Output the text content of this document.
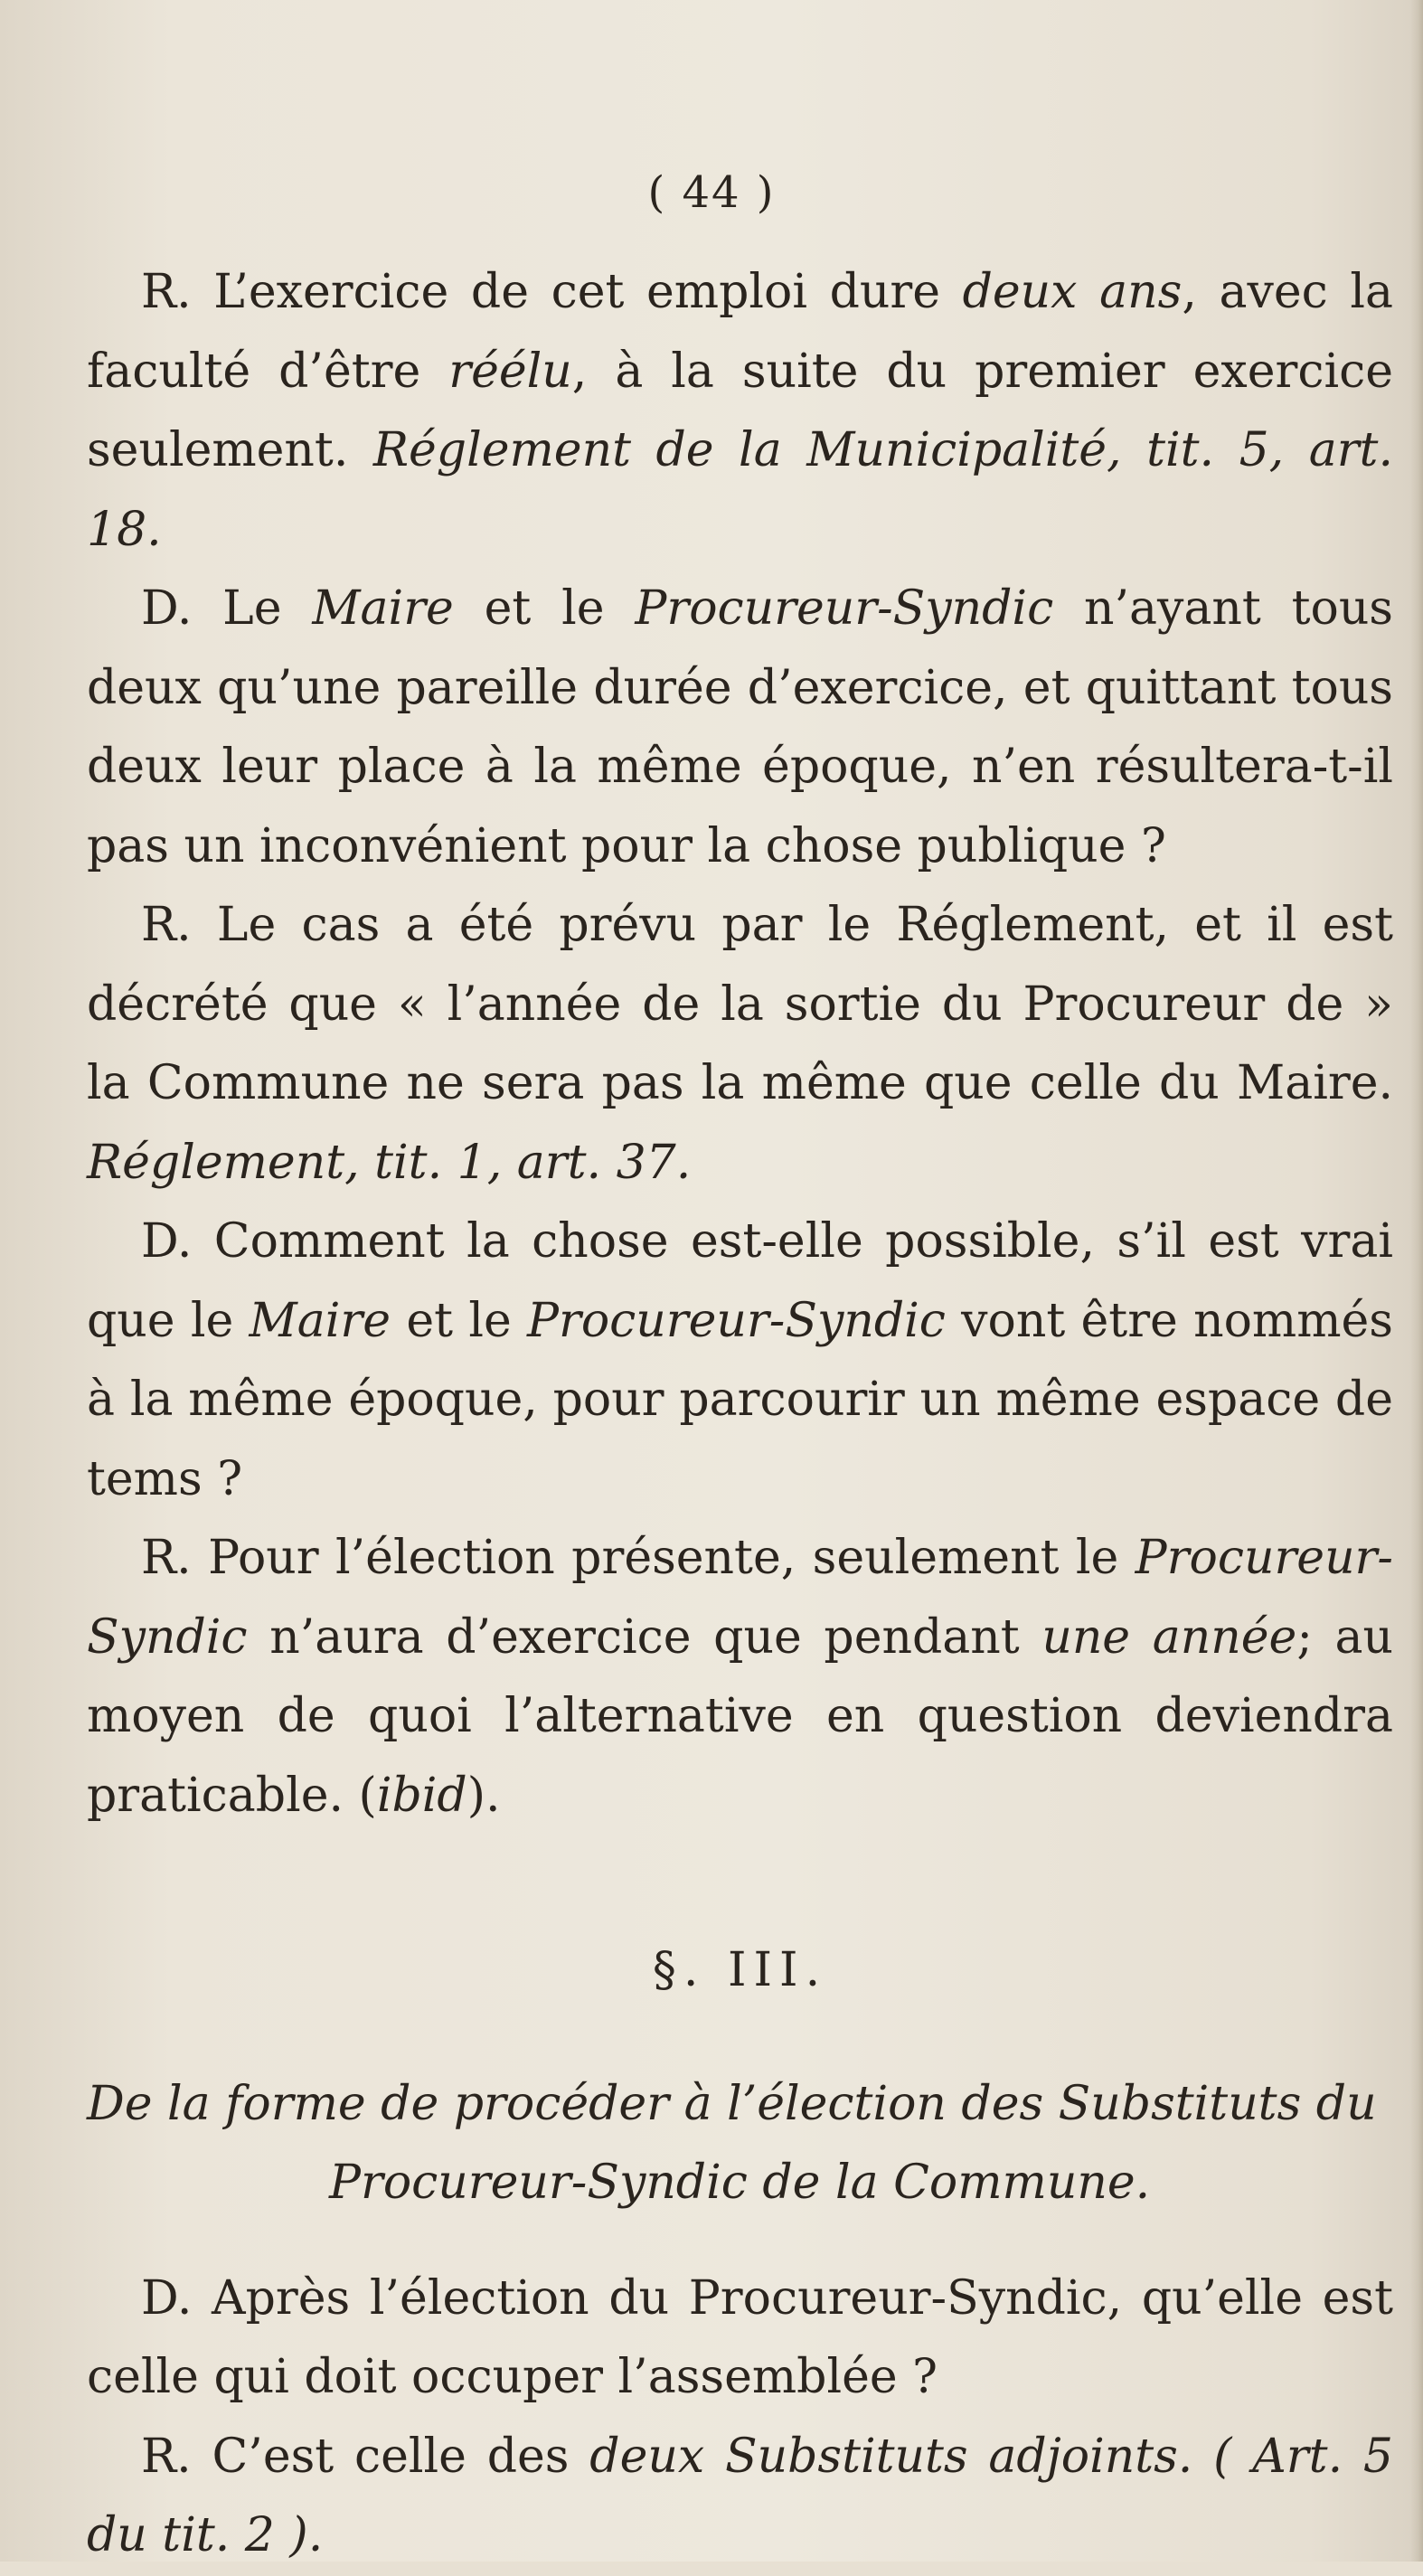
( 44 )

R. L’exercice de cet emploi dure deux ans, avec la faculté d’être réélu, à la suite du premier exercice seulement. Réglement de la Municipalité, tit. 5, art. 18.

D. Le Maire et le Procureur-Syndic n’ayant tous deux qu’une pareille durée d’exercice, et quittant tous deux leur place à la même époque, n’en résultera-t-il pas un inconvénient pour la chose publique ?

R. Le cas a été prévu par le Réglement, et il est décrété que « l’année de la sortie du Procureur de » la Commune ne sera pas la même que celle du Maire. Réglement, tit. 1, art. 37.

D. Comment la chose est-elle possible, s’il est vrai que le Maire et le Procureur-Syndic vont être nommés à la même époque, pour parcourir un même espace de tems ?

R. Pour l’élection présente, seulement le Procureur-Syndic n’aura d’exercice que pendant une année; au moyen de quoi l’alternative en question deviendra praticable. (ibid).

§. III.

De la forme de procéder à l’élection des Substituts du
Procureur-Syndic de la Commune.

D. Après l’élection du Procureur-Syndic, qu’elle est celle qui doit occuper l’assemblée ?

R. C’est celle des deux Substituts adjoints. ( Art. 5 du tit. 2 ).
